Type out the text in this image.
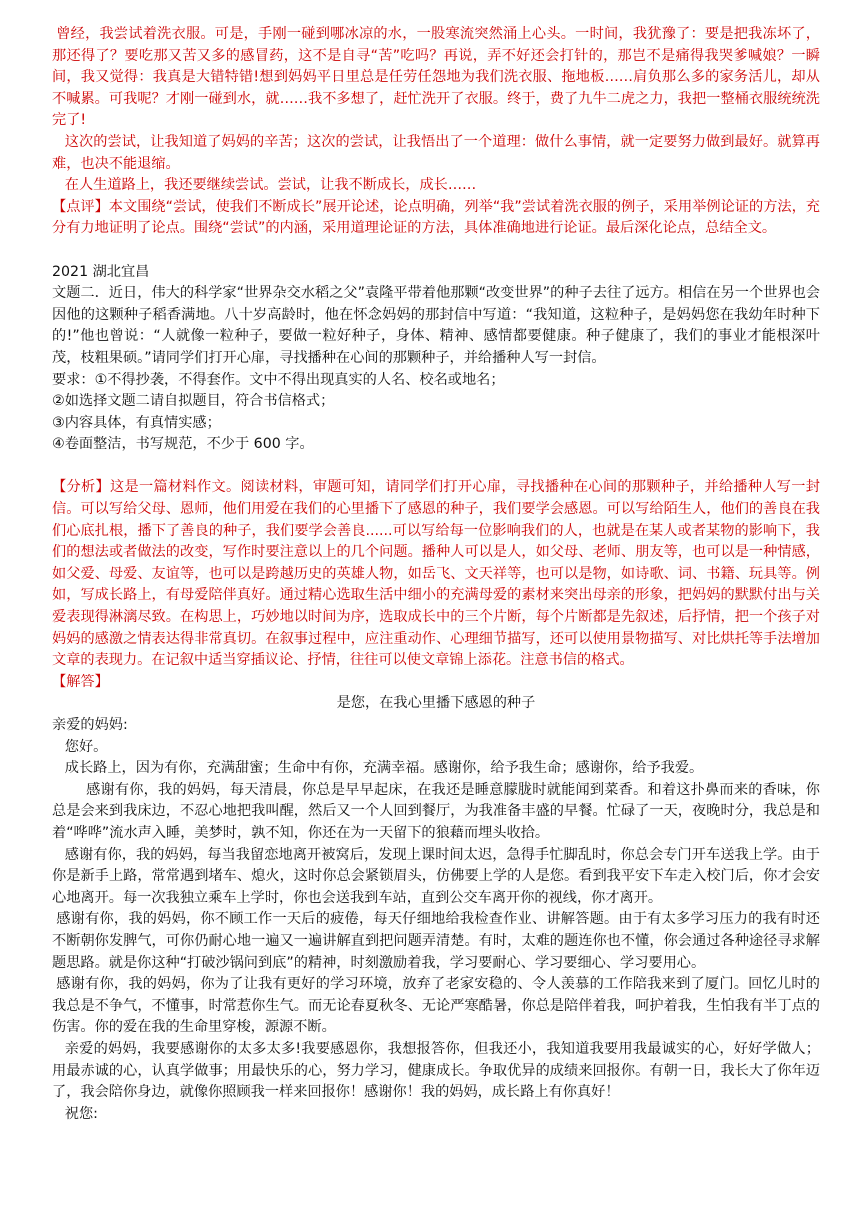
曾经，我尝试着洗衣服。可是，手刚一碰到哪冰凉的水，一股寒流突然涌上心头。一时间，我犹豫了：要是把我冻坏了，那还得了？要吃那又苦又多的感冒药，这不是自寻“苦”吃吗？再说，弄不好还会打针的，那岂不是痛得我哭爹喊娘？一瞬间，我又觉得：我真是大错特错!想到妈妈平日里总是任劳任怨地为我们洗衣服、拖地板……肩负那么多的家务活儿，却从不喊累。可我呢？才刚一碰到水，就……我不多想了，赶忙洗开了衣服。终于，费了九牛二虎之力，我把一整桶衣服统统洗完了!

这次的尝试，让我知道了妈妈的辛苦；这次的尝试，让我悟出了一个道理：做什么事情，就一定要努力做到最好。就算再难，也决不能退缩。

在人生道路上，我还要继续尝试。尝试，让我不断成长，成长……

【点评】本文围绕“尝试，使我们不断成长”展开论述，论点明确，列举“我”尝试着洗衣服的例子，采用举例论证的方法，充分有力地证明了论点。围绕“尝试”的内涵，采用道理论证的方法，具体准确地进行论证。最后深化论点，总结全文。

2021 湖北宜昌

文题二．近日，伟大的科学家“世界杂交水稻之父”袁隆平带着他那颗“改变世界”的种子去往了远方。相信在另一个世界也会因他的这颗种子稻香满地。八十岁高龄时，他在怀念妈妈的那封信中写道：“我知道，这粒种子，是妈妈您在我幼年时种下的!”他也曾说：“人就像一粒种子，要做一粒好种子，身体、精神、感情都要健康。种子健康了，我们的事业才能根深叶茂，枝粗果硕。”请同学们打开心扉，寻找播种在心间的那颗种子，并给播种人写一封信。

要求：①不得抄袭，不得套作。文中不得出现真实的人名、校名或地名；

②如选择文题二请自拟题目，符合书信格式；

③内容具体，有真情实感；

④卷面整洁，书写规范，不少于 600 字。

【分析】这是一篇材料作文。阅读材料，审题可知，请同学们打开心扉，寻找播种在心间的那颗种子，并给播种人写一封信。可以写给父母、恩师，他们用爱在我们的心里播下了感恩的种子，我们要学会感恩。可以写给陌生人，他们的善良在我们心底扎根，播下了善良的种子，我们要学会善良......可以写给每一位影响我们的人，也就是在某人或者某物的影响下，我们的想法或者做法的改变，写作时要注意以上的几个问题。播种人可以是人，如父母、老师、朋友等，也可以是一种情感，如父爱、母爱、友谊等，也可以是跨越历史的英雄人物，如岳飞、文天祥等，也可以是物，如诗歌、词、书籍、玩具等。例如，写成长路上，有母爱陪伴真好。通过精心选取生活中细小的充满母爱的素材来突出母亲的形象，把妈妈的默默付出与关爱表现得淋漓尽致。在构思上，巧妙地以时间为序，选取成长中的三个片断，每个片断都是先叙述，后抒情，把一个孩子对妈妈的感激之情表达得非常真切。在叙事过程中，应注重动作、心理细节描写，还可以使用景物描写、对比烘托等手法增加文章的表现力。在记叙中适当穿插议论、抒情，往往可以使文章锦上添花。注意书信的格式。

【解答】

是您，在我心里播下感恩的种子

亲爱的妈妈:

您好。

成长路上，因为有你，充满甜蜜；生命中有你，充满幸福。感谢你，给予我生命；感谢你，给予我爱。

感谢有你，我的妈妈，每天清晨，你总是早早起床，在我还是睡意朦胧时就能闻到菜香。和着这扑鼻而来的香味，你总是会来到我床边，不忍心地把我叫醒，然后又一个人回到餐厅，为我准备丰盛的早餐。忙碌了一天，夜晚时分，我总是和着“哗哗”流水声入睡，美梦时，孰不知，你还在为一天留下的狼藉而埋头收拾。

感谢有你，我的妈妈，每当我留恋地离开被窝后，发现上课时间太迟，急得手忙脚乱时，你总会专门开车送我上学。由于你是新手上路，常常遇到堵车、熄火，这时你总会紧锁眉头，仿佛要上学的人是您。看到我平安下车走入校门后，你才会安心地离开。每一次我独立乘车上学时，你也会送我到车站，直到公交车离开你的视线，你才离开。

感谢有你，我的妈妈，你不顾工作一天后的疲倦，每天仔细地给我检查作业、讲解答题。由于有太多学习压力的我有时还不断朝你发脾气，可你仍耐心地一遍又一遍讲解直到把问题弄清楚。有时，太难的题连你也不懂，你会通过各种途径寻求解题思路。就是你这种“打破沙锅问到底”的精神，时刻激励着我，学习要耐心、学习要细心、学习要用心。

感谢有你，我的妈妈，你为了让我有更好的学习环境，放弃了老家安稳的、令人羡慕的工作陪我来到了厦门。回忆儿时的我总是不争气，不懂事，时常惹你生气。而无论春夏秋冬、无论严寒酷暑，你总是陪伴着我，呵护着我，生怕我有半丁点的伤害。你的爱在我的生命里穿梭，源源不断。

亲爱的妈妈，我要感谢你的太多太多!我要感恩你，我想报答你，但我还小，我知道我要用我最诚实的心，好好学做人；用最赤诚的心，认真学做事；用最快乐的心，努力学习，健康成长。争取优异的成绩来回报你。有朝一日，我长大了你年迈了，我会陪你身边，就像你照顾我一样来回报你！感谢你！我的妈妈，成长路上有你真好！

祝您:
